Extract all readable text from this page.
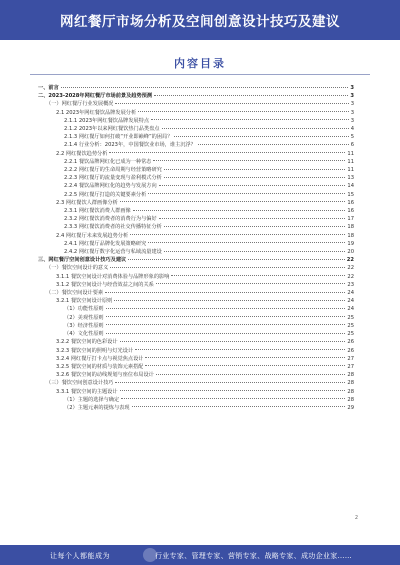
网红餐厅市场分析及空间创意设计技巧及建议
内容目录
一、前言	3
二、2023-2028年网红餐厅市场前景及趋势预测	3
（一）网红餐厅行业发展概况	3
2.1 2023年网红餐饮品牌发展分析	3
2.1.1 2023年网红餐饮品牌发展特点	3
2.1.2 2023年以来网红餐饮热门品类盘点	4
2.1.3 网红餐厅如何打破“开业即巅峰”的困局？	5
2.1.4 行业分析：2023年，中国餐饮业市场，谁主沉浮？	6
2.2 网红餐饮趋势分析	11
2.2.1 餐饮品牌网红化已成为一种常态	11
2.2.2 网红餐厅的生命周期与经营策略研究	11
2.2.3 网红餐厅的流量变现与盈利模式分析	13
2.2.4 餐饮品牌网红化的趋势与发展方向	14
2.2.5 网红餐厅打造的关键要素分析	15
2.3 网红餐饮人群画像分析	16
2.3.1 网红餐饮消费人群画像	16
2.3.2 网红餐饮消费者的消费行为与偏好	17
2.3.3 网红餐饮消费者的社交传播特征分析	18
2.4 网红餐厅未来发展趋势分析	18
2.4.1 网红餐厅品牌化发展策略研究	19
2.4.2 网红餐厅数字化运营与私域流量建设	20
三、网红餐厅空间创意设计技巧及建议	22
（一）餐饮空间设计的意义	22
3.1.1 餐饮空间设计对消费体验与品牌形象的影响	22
3.1.2 餐饮空间设计与经营效益之间的关系	23
（二）餐饮空间设计要素	24
3.2.1 餐饮空间设计原则	24
（1）功能性原则	24
（2）美观性原则	25
（3）经济性原则	25
（4）文化性原则	25
3.2.2 餐饮空间的色彩设计	26
3.2.3 餐饮空间的照明与灯光设计	26
3.2.4 网红餐厅打卡点与视觉焦点设计	27
3.2.5 餐饮空间的材质与装饰元素搭配	27
3.2.6 餐饮空间的动线规划与座位布局设计	28
（三）餐饮空间创意设计技巧	28
3.3.1 餐饮空间的主题设计	28
（1）主题的选择与确定	28
（2）主题元素的提炼与表现	29
2
让每个人都能成为	行业专家、管理专家、营销专家、战略专家、成功企业家……
